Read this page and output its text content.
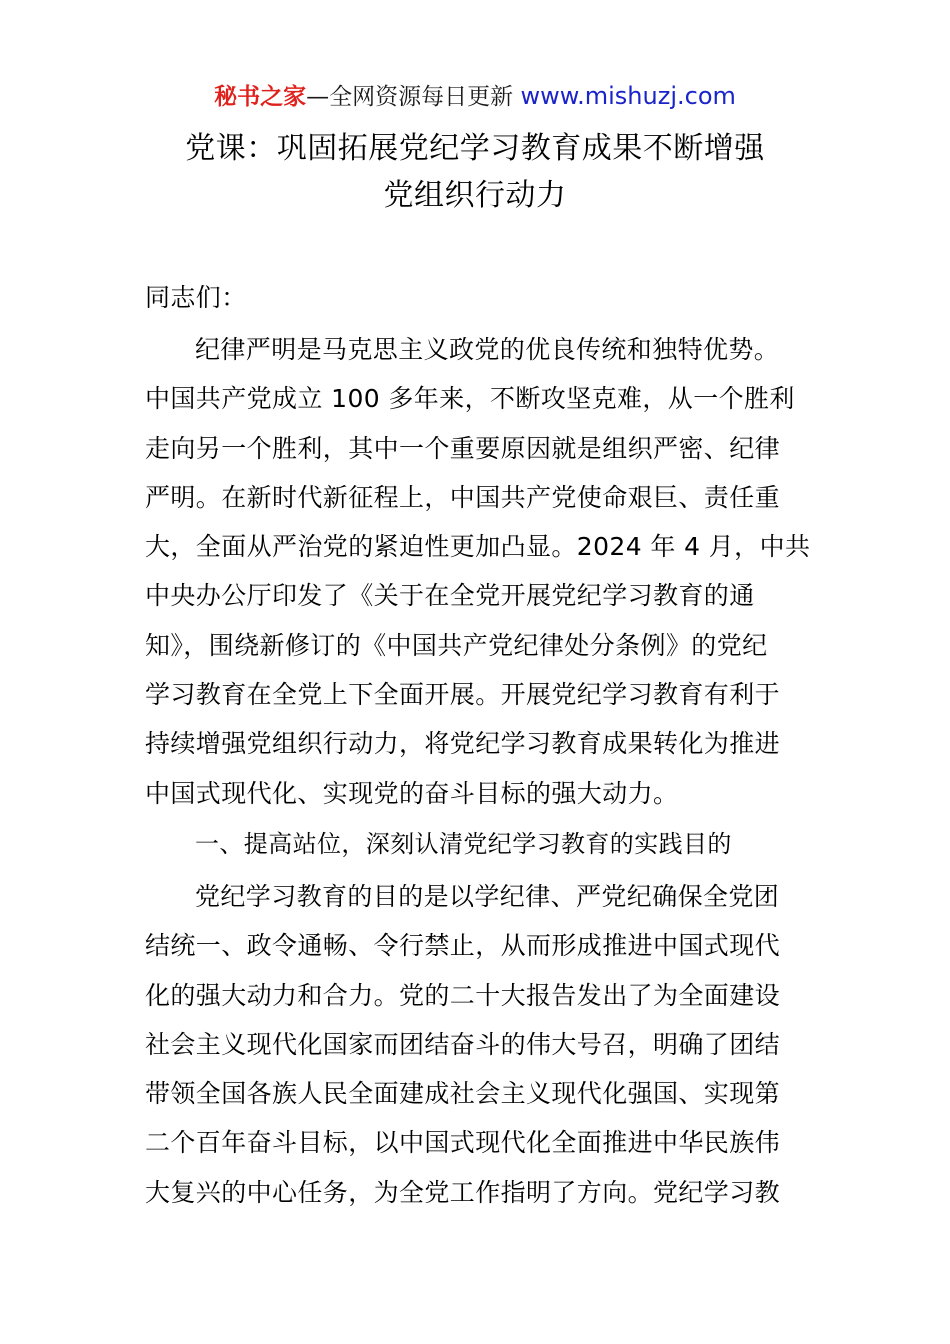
秘书之家—全网资源每日更新 www.mishuzj.com
党课：巩固拓展党纪学习教育成果不断增强
党组织行动力
同志们：
纪律严明是马克思主义政党的优良传统和独特优势。
中国共产党成立 100 多年来，不断攻坚克难，从一个胜利
走向另一个胜利，其中一个重要原因就是组织严密、纪律
严明。在新时代新征程上，中国共产党使命艰巨、责任重
大，全面从严治党的紧迫性更加凸显。2024 年 4 月，中共
中央办公厅印发了《关于在全党开展党纪学习教育的通
知》，围绕新修订的《中国共产党纪律处分条例》的党纪
学习教育在全党上下全面开展。开展党纪学习教育有利于
持续增强党组织行动力，将党纪学习教育成果转化为推进
中国式现代化、实现党的奋斗目标的强大动力。
一、提高站位，深刻认清党纪学习教育的实践目的
党纪学习教育的目的是以学纪律、严党纪确保全党团
结统一、政令通畅、令行禁止，从而形成推进中国式现代
化的强大动力和合力。党的二十大报告发出了为全面建设
社会主义现代化国家而团结奋斗的伟大号召，明确了团结
带领全国各族人民全面建成社会主义现代化强国、实现第
二个百年奋斗目标，以中国式现代化全面推进中华民族伟
大复兴的中心任务，为全党工作指明了方向。党纪学习教
